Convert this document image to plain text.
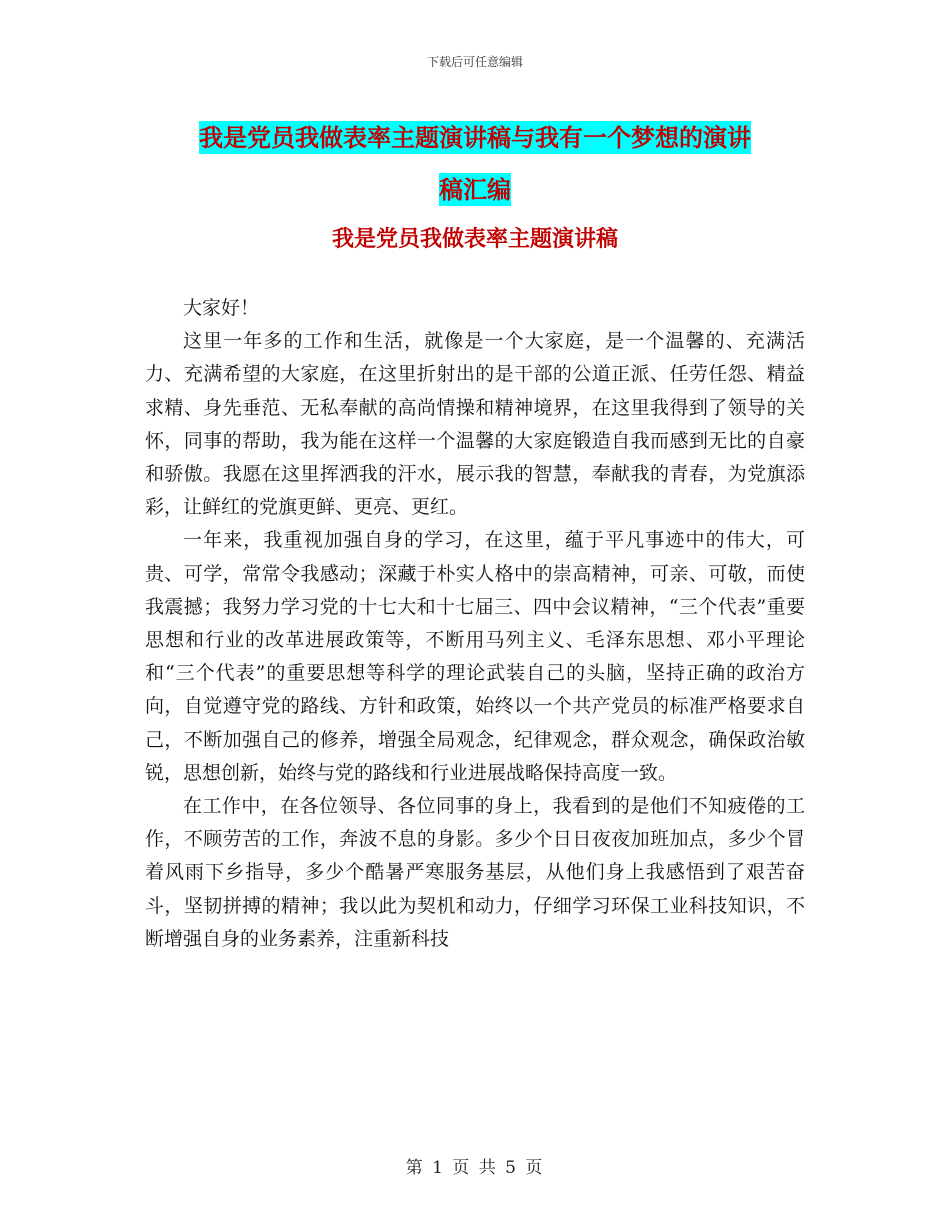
下载后可任意编辑
我是党员我做表率主题演讲稿与我有一个梦想的演讲
稿汇编
我是党员我做表率主题演讲稿

大家好！

这里一年多的工作和生活，就像是一个大家庭，是一个温馨的、充满活力、充满希望的大家庭，在这里折射出的是干部的公道正派、任劳任怨、精益求精、身先垂范、无私奉献的高尚情操和精神境界，在这里我得到了领导的关怀，同事的帮助，我为能在这样一个温馨的大家庭锻造自我而感到无比的自豪和骄傲。我愿在这里挥洒我的汗水，展示我的智慧，奉献我的青春，为党旗添彩，让鲜红的党旗更鲜、更亮、更红。

一年来，我重视加强自身的学习，在这里，蕴于平凡事迹中的伟大，可贵、可学，常常令我感动；深藏于朴实人格中的崇高精神，可亲、可敬，而使我震撼；我努力学习党的十七大和十七届三、四中会议精神，“三个代表”重要思想和行业的改革进展政策等，不断用马列主义、毛泽东思想、邓小平理论和“三个代表”的重要思想等科学的理论武装自己的头脑，坚持正确的政治方向，自觉遵守党的路线、方针和政策，始终以一个共产党员的标准严格要求自己，不断加强自己的修养，增强全局观念，纪律观念，群众观念，确保政治敏锐，思想创新，始终与党的路线和行业进展战略保持高度一致。

在工作中，在各位领导、各位同事的身上，我看到的是他们不知疲倦的工作，不顾劳苦的工作，奔波不息的身影。多少个日日夜夜加班加点，多少个冒着风雨下乡指导，多少个酷暑严寒服务基层，从他们身上我感悟到了艰苦奋斗，坚韧拼搏的精神；我以此为契机和动力，仔细学习环保工业科技知识，不断增强自身的业务素养，注重新科技

第 1 页 共 5 页
